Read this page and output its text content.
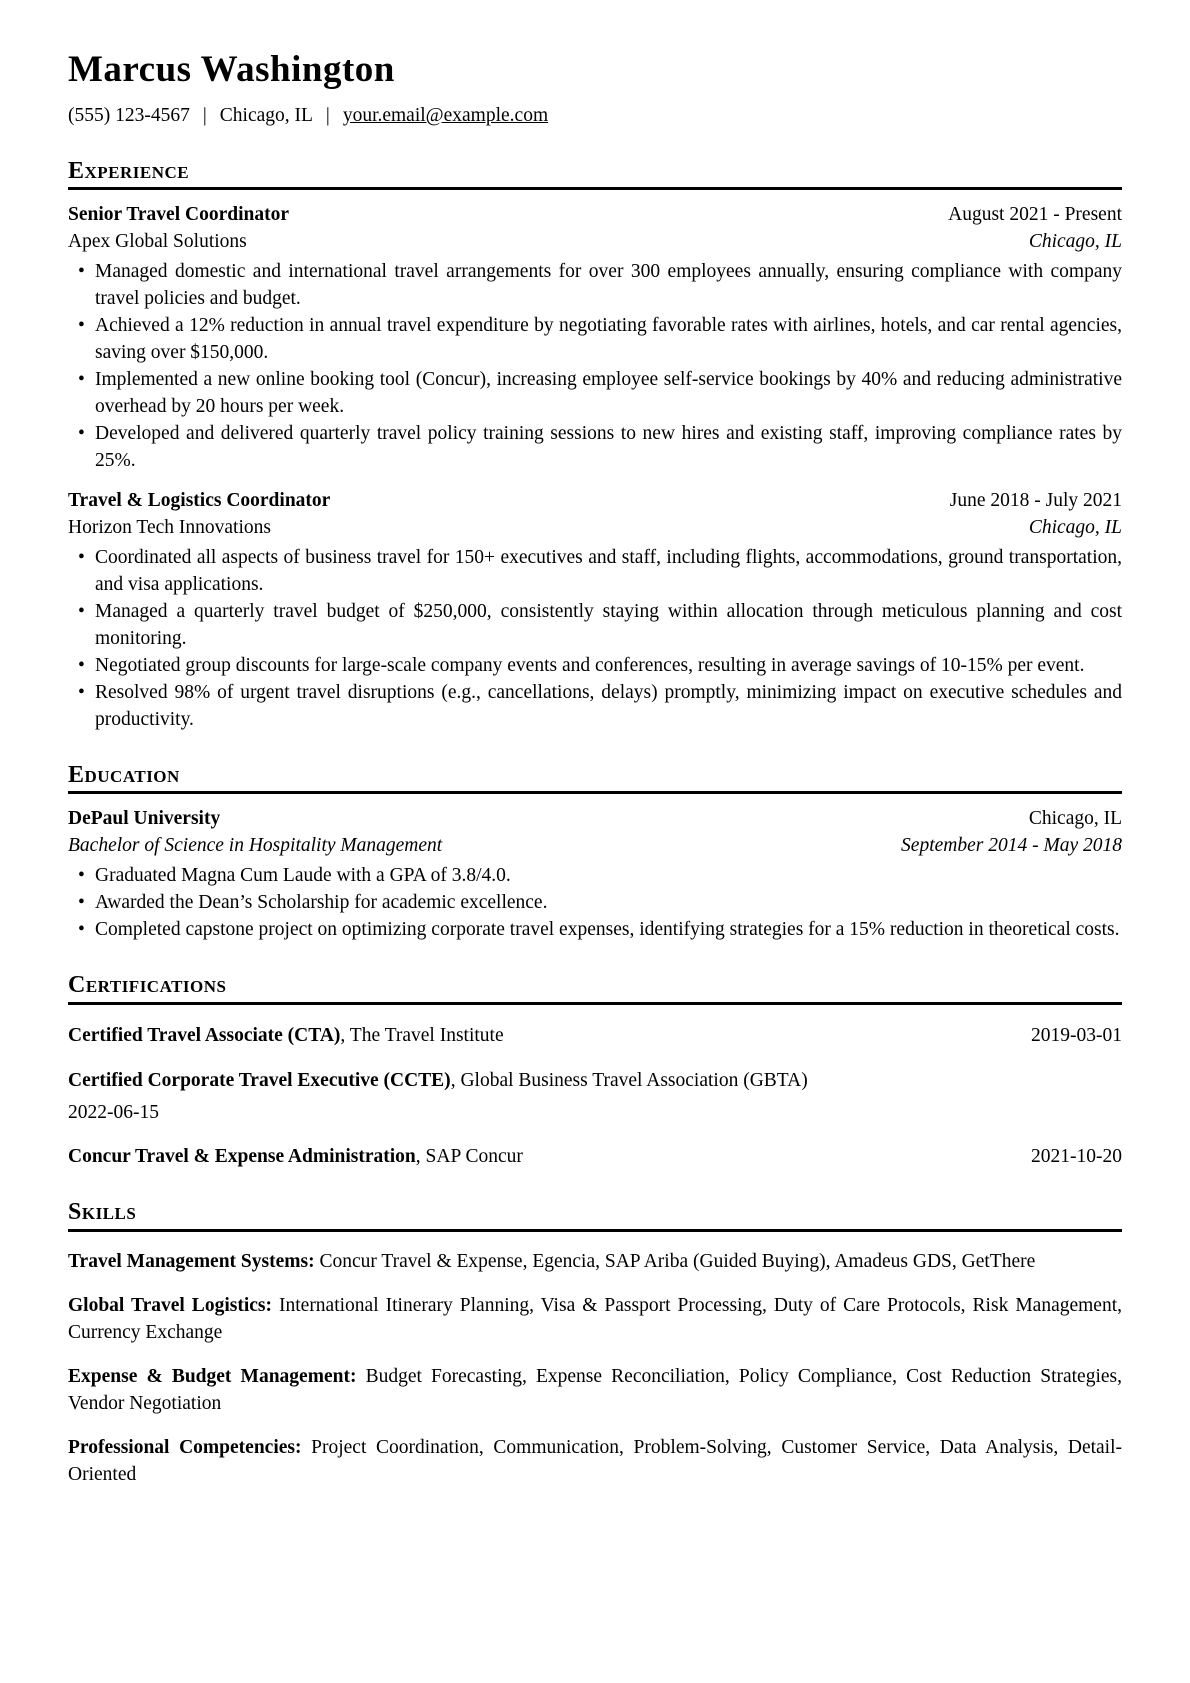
Marcus Washington
(555) 123-4567 | Chicago, IL | your.email@example.com
Experience
Senior Travel Coordinator	August 2021 - Present
Apex Global Solutions	Chicago, IL
• Managed domestic and international travel arrangements for over 300 employees annually, ensuring compliance with company travel policies and budget.
• Achieved a 12% reduction in annual travel expenditure by negotiating favorable rates with airlines, hotels, and car rental agencies, saving over $150,000.
• Implemented a new online booking tool (Concur), increasing employee self-service bookings by 40% and reducing administrative overhead by 20 hours per week.
• Developed and delivered quarterly travel policy training sessions to new hires and existing staff, improving compliance rates by 25%.
Travel & Logistics Coordinator	June 2018 - July 2021
Horizon Tech Innovations	Chicago, IL
• Coordinated all aspects of business travel for 150+ executives and staff, including flights, accommodations, ground transportation, and visa applications.
• Managed a quarterly travel budget of $250,000, consistently staying within allocation through meticulous planning and cost monitoring.
• Negotiated group discounts for large-scale company events and conferences, resulting in average savings of 10-15% per event.
• Resolved 98% of urgent travel disruptions (e.g., cancellations, delays) promptly, minimizing impact on executive schedules and productivity.
Education
DePaul University	Chicago, IL
Bachelor of Science in Hospitality Management	September 2014 - May 2018
• Graduated Magna Cum Laude with a GPA of 3.8/4.0.
• Awarded the Dean’s Scholarship for academic excellence.
• Completed capstone project on optimizing corporate travel expenses, identifying strategies for a 15% reduction in theoretical costs.
Certifications
Certified Travel Associate (CTA), The Travel Institute	2019-03-01
Certified Corporate Travel Executive (CCTE), Global Business Travel Association (GBTA)
2022-06-15
Concur Travel & Expense Administration, SAP Concur	2021-10-20
Skills

Travel Management Systems: Concur Travel & Expense, Egencia, SAP Ariba (Guided Buying), Amadeus GDS, GetThere

Global Travel Logistics: International Itinerary Planning, Visa & Passport Processing, Duty of Care Protocols, Risk Management, Currency Exchange

Expense & Budget Management: Budget Forecasting, Expense Reconciliation, Policy Compliance, Cost Reduction Strategies, Vendor Negotiation

Professional Competencies: Project Coordination, Communication, Problem-Solving, Customer Service, Data Analysis, Detail-Oriented
